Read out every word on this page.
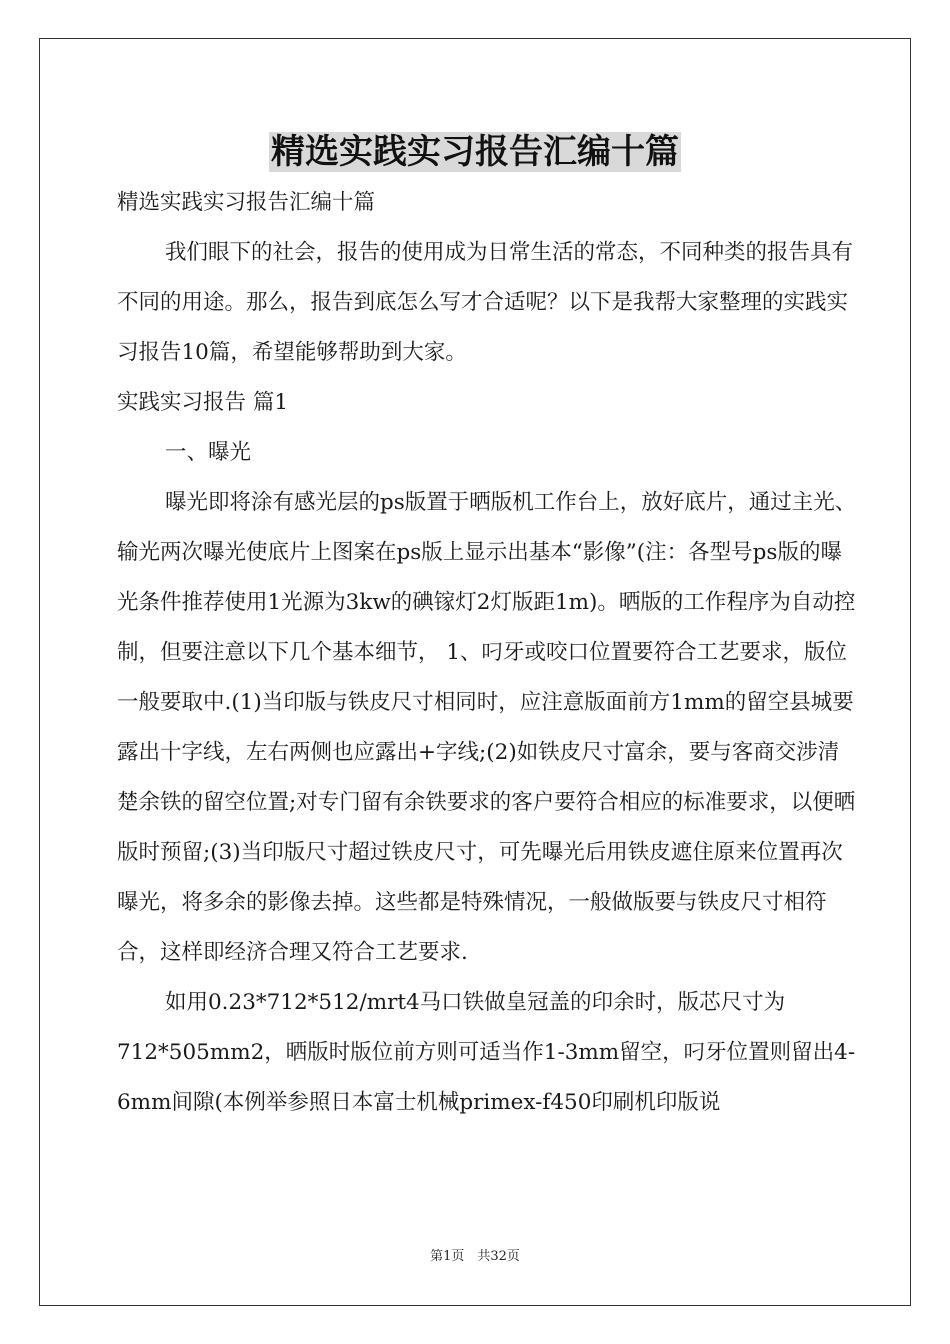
精选实践实习报告汇编十篇

精选实践实习报告汇编十篇

我们眼下的社会，报告的使用成为日常生活的常态，不同种类的报告具有不同的用途。那么，报告到底怎么写才合适呢？以下是我帮大家整理的实践实习报告10篇，希望能够帮助到大家。

实践实习报告 篇1

一、曝光

曝光即将涂有感光层的ps版置于晒版机工作台上，放好底片，通过主光、输光两次曝光使底片上图案在ps版上显示出基本“影像”(注：各型号ps版的曝光条件推荐使用1光源为3kw的碘镓灯2灯版距1m)。晒版的工作程序为自动控制，但要注意以下几个基本细节， 1、叼牙或咬口位置要符合工艺要求，版位一般要取中.(1)当印版与铁皮尺寸相同时，应注意版面前方1mm的留空县城要露出十字线，左右两侧也应露出+字线;(2)如铁皮尺寸富余，要与客商交涉清楚余铁的留空位置;对专门留有余铁要求的客户要符合相应的标准要求，以便晒版时预留;(3)当印版尺寸超过铁皮尺寸，可先曝光后用铁皮遮住原来位置再次曝光，将多余的影像去掉。这些都是特殊情况，一般做版要与铁皮尺寸相符合，这样即经济合理又符合工艺要求.

如用0.23*712*512/mrt4马口铁做皇冠盖的印余时，版芯尺寸为712*505mm2，晒版时版位前方则可适当作1-3mm留空，叼牙位置则留出4-6mm间隙(本例举参照日本富士机械primex-f450印刷机印版说

第1页　共32页
